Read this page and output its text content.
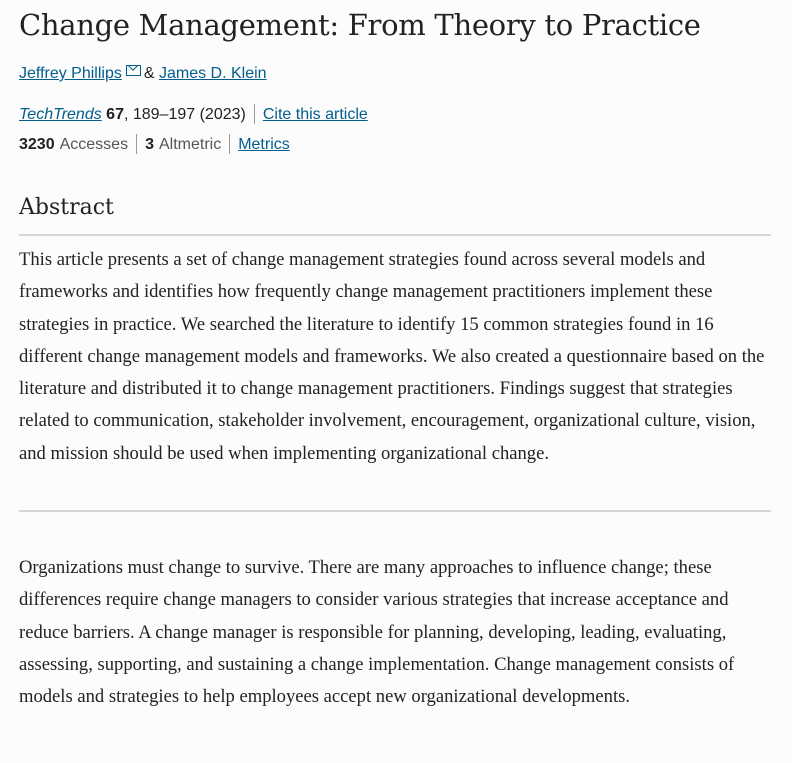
Change Management: From Theory to Practice
Jeffrey Phillips & James D. Klein
TechTrends 67, 189–197 (2023) Cite this article
3230 Accesses 3 Altmetric Metrics
Abstract

This article presents a set of change management strategies found across several models and frameworks and identifies how frequently change management practitioners implement these strategies in practice. We searched the literature to identify 15 common strategies found in 16 different change management models and frameworks. We also created a questionnaire based on the literature and distributed it to change management practitioners. Findings suggest that strategies related to communication, stakeholder involvement, encouragement, organizational culture, vision, and mission should be used when implementing organizational change.

Organizations must change to survive. There are many approaches to influence change; these differences require change managers to consider various strategies that increase acceptance and reduce barriers. A change manager is responsible for planning, developing, leading, evaluating, assessing, supporting, and sustaining a change implementation. Change management consists of models and strategies to help employees accept new organizational developments.
